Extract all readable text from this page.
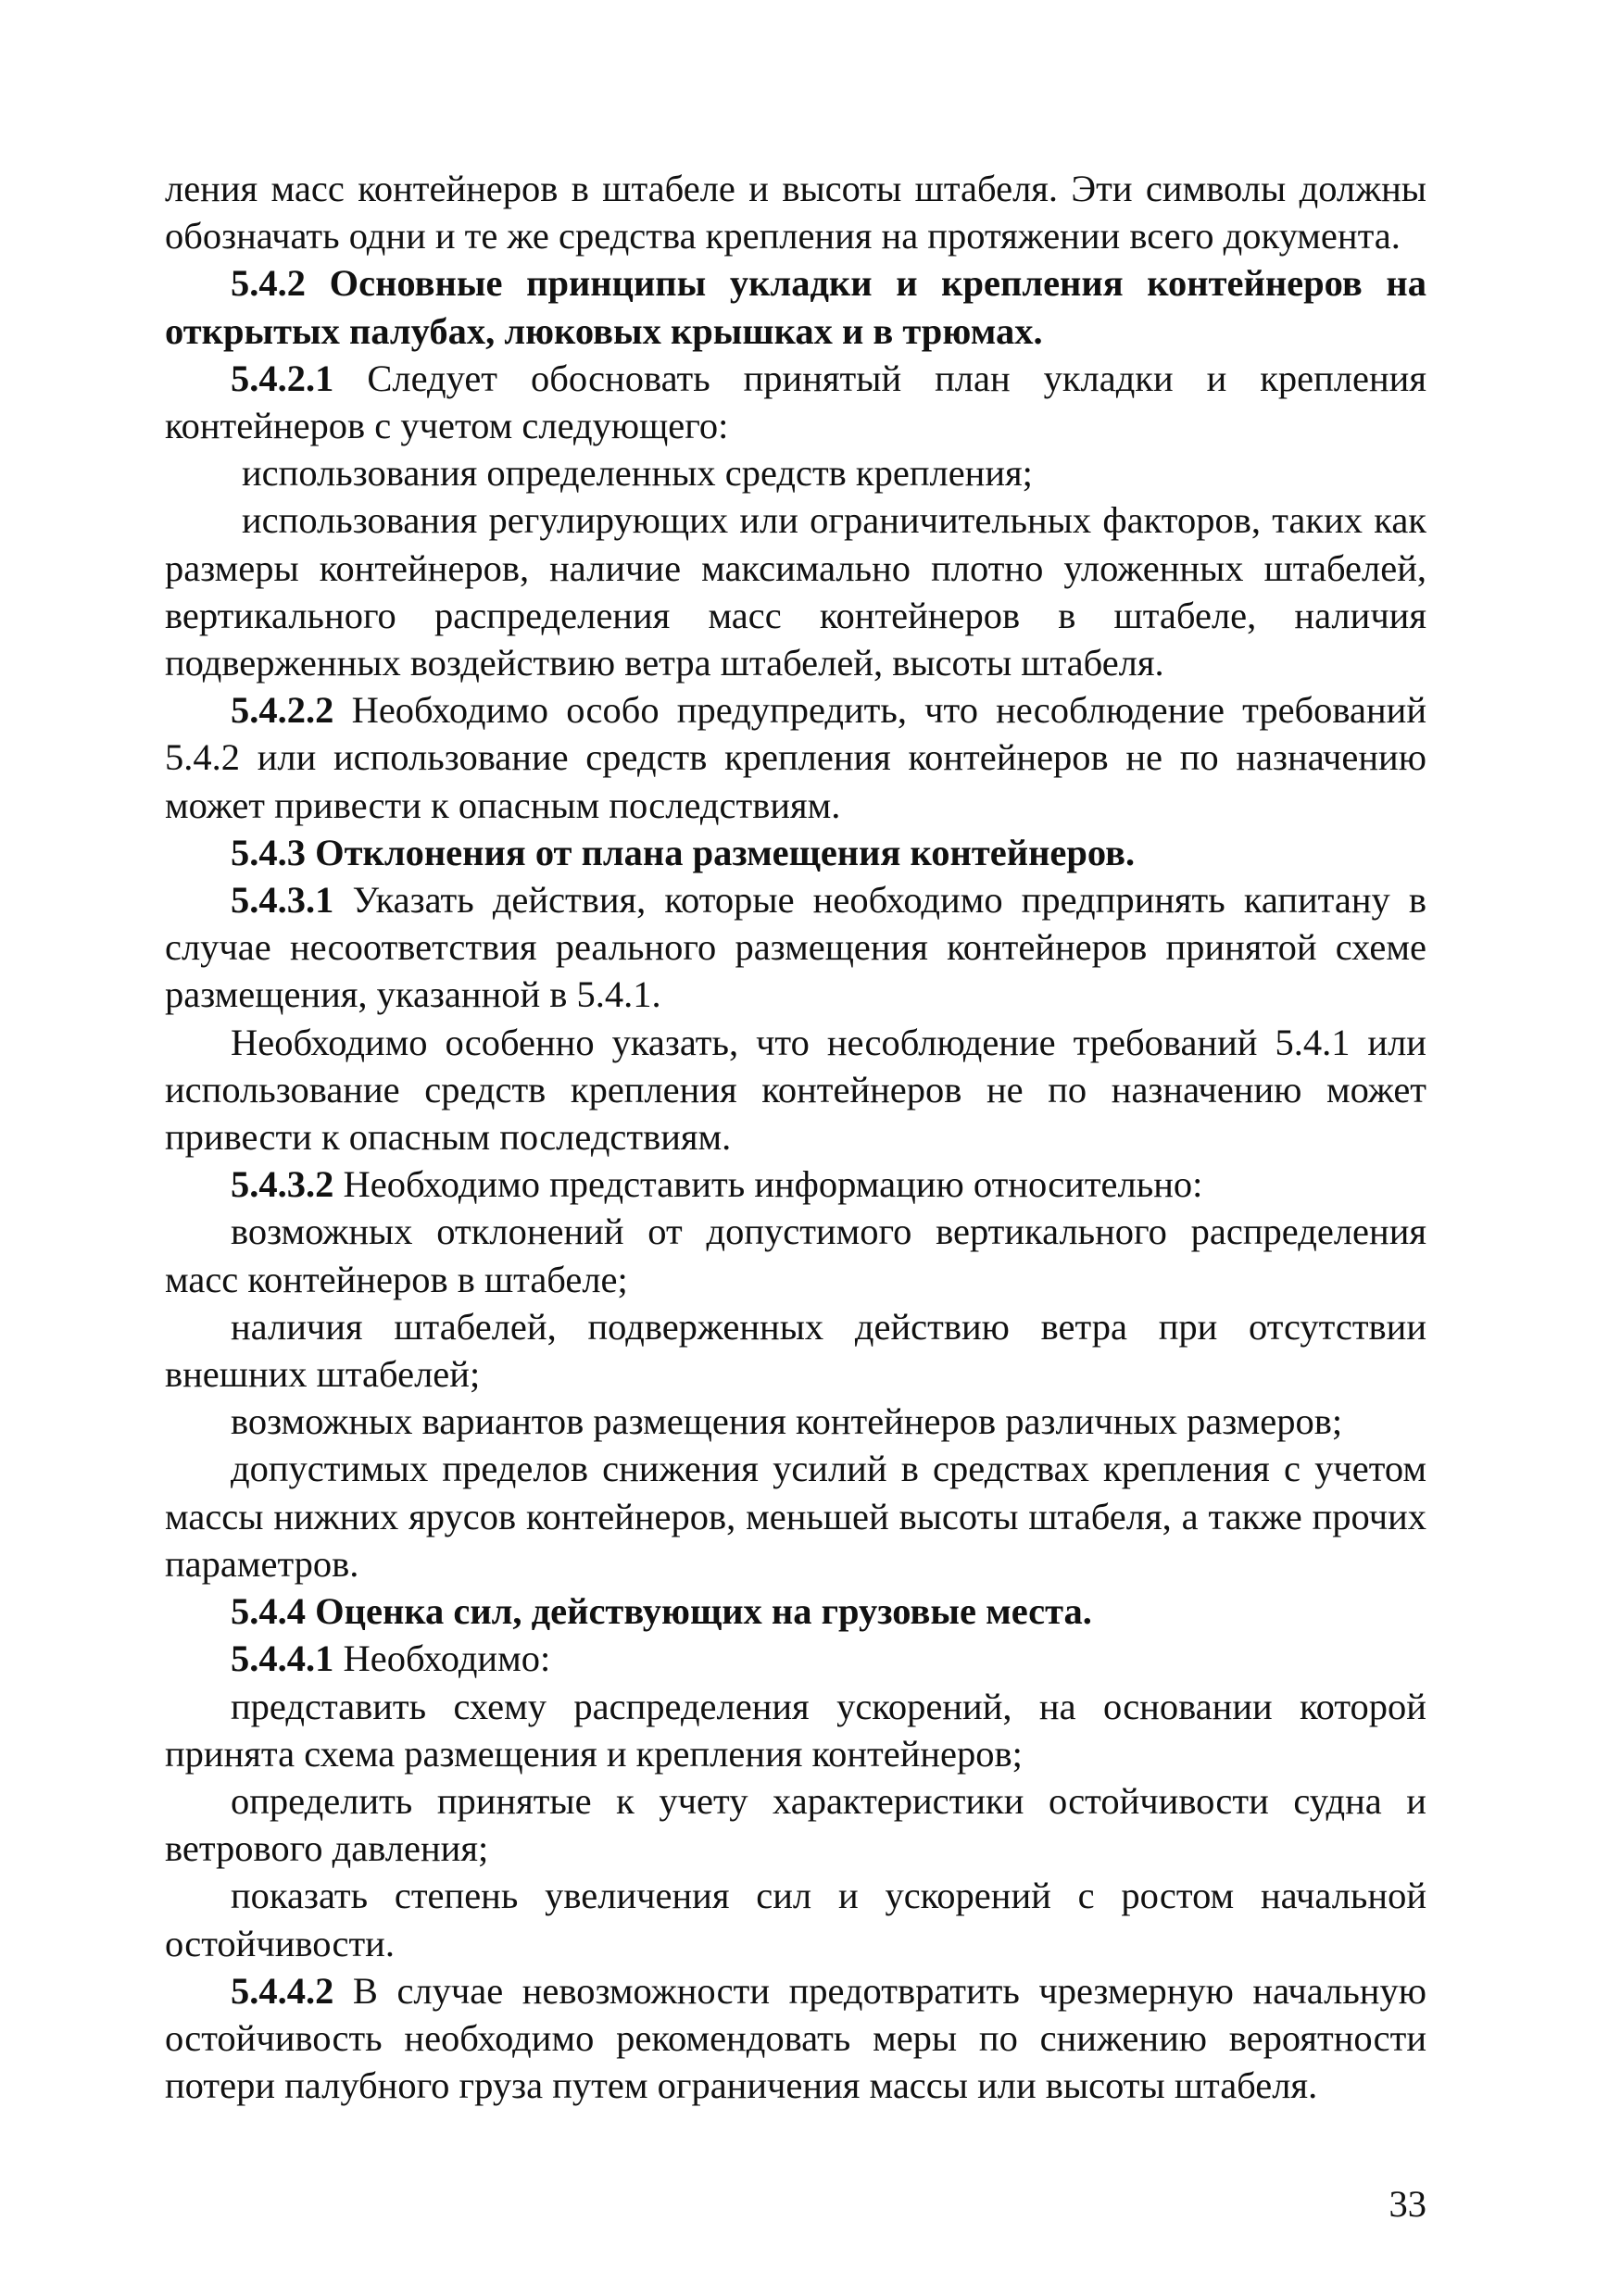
ления масс контейнеров в штабеле и высоты штабеля. Эти символы должны обозначать одни и те же средства крепления на протяжении всего документа.

5.4.2 Основные принципы укладки и крепления контейнеров на открытых палубах, люковых крышках и в трюмах.

5.4.2.1 Следует обосновать принятый план укладки и крепления контейнеров с учетом следующего:

использования определенных средств крепления;

использования регулирующих или ограничительных факторов, таких как размеры контейнеров, наличие максимально плотно уложенных штабелей, вертикального распределения масс контейнеров в штабеле, наличия подверженных воздействию ветра штабелей, высоты штабеля.

5.4.2.2 Необходимо особо предупредить, что несоблюдение требований 5.4.2 или использование средств крепления контейнеров не по назначению может привести к опасным последствиям.

5.4.3 Отклонения от плана размещения контейнеров.

5.4.3.1 Указать действия, которые необходимо предпринять капитану в случае несоответствия реального размещения контейнеров принятой схеме размещения, указанной в 5.4.1.

Необходимо особенно указать, что несоблюдение требований 5.4.1 или использование средств крепления контейнеров не по назначению может привести к опасным последствиям.

5.4.3.2 Необходимо представить информацию относительно:

возможных отклонений от допустимого вертикального распределения масс контейнеров в штабеле;

наличия штабелей, подверженных действию ветра при отсутствии внешних штабелей;

возможных вариантов размещения контейнеров различных размеров;

допустимых пределов снижения усилий в средствах крепления с учетом массы нижних ярусов контейнеров, меньшей высоты штабеля, а также прочих параметров.

5.4.4 Оценка сил, действующих на грузовые места.

5.4.4.1 Необходимо:

представить схему распределения ускорений, на основании которой принята схема размещения и крепления контейнеров;

определить принятые к учету характеристики остойчивости судна и ветрового давления;

показать степень увеличения сил и ускорений с ростом начальной остойчивости.

5.4.4.2 В случае невозможности предотвратить чрезмерную начальную остойчивость необходимо рекомендовать меры по снижению вероятности потери палубного груза путем ограничения массы или высоты штабеля.

33
